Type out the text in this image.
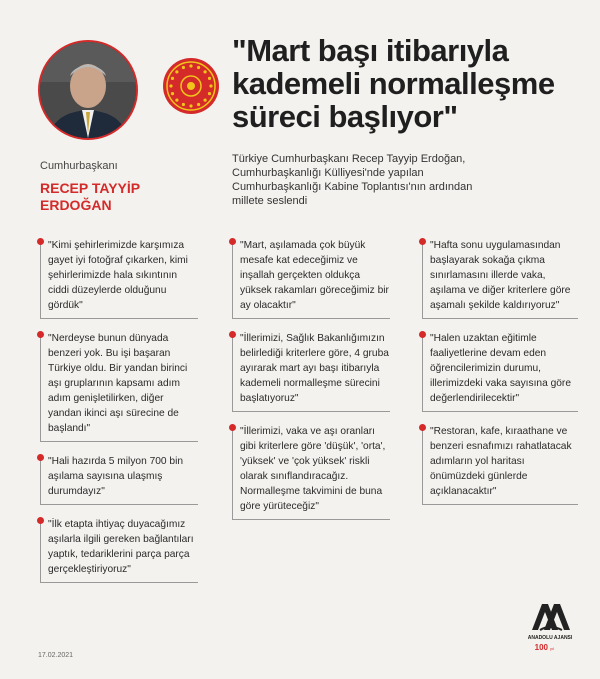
Cumhurbaşkanı
RECEP TAYYİP ERDOĞAN
"Mart başı itibarıyla kademeli normalleşme süreci başlıyor"
Türkiye Cumhurbaşkanı Recep Tayyip Erdoğan, Cumhurbaşkanlığı Külliyesi'nde yapılan Cumhurbaşkanlığı Kabine Toplantısı'nın ardından millete seslendi
"Kimi şehirlerimizde karşımıza gayet iyi fotoğraf çıkarken, kimi şehirlerimizde hala sıkıntının ciddi düzeylerde olduğunu gördük"
"Nerdeyse bunun dünyada benzeri yok. Bu işi başaran Türkiye oldu. Bir yandan birinci aşı gruplarının kapsamı adım adım genişletilirken, diğer yandan ikinci aşı sürecine de başlandı"
"Hali hazırda 5 milyon 700 bin aşılama sayısına ulaşmış durumdayız"
"İlk etapta ihtiyaç duyacağımız aşılarla ilgili gereken bağlantıları yaptık, tedariklerini parça parça gerçekleştiriyoruz"
"Mart, aşılamada çok büyük mesafe kat edeceğimiz ve inşallah gerçekten oldukça yüksek rakamları göreceğimiz bir ay olacaktır"
"İllerimizi, Sağlık Bakanlığımızın belirlediği kriterlere göre, 4 gruba ayırarak mart ayı başı itibarıyla kademeli normalleşme sürecini başlatıyoruz"
"İllerimizi, vaka ve aşı oranları gibi kriterlere göre 'düşük', 'orta', 'yüksek' ve 'çok yüksek' riskli olarak sınıflandıracağız. Normalleşme takvimini de buna göre yürüteceğiz"
"Hafta sonu uygulamasından başlayarak sokağa çıkma sınırlamasını illerde vaka, aşılama ve diğer kriterlere göre aşamalı şekilde kaldırıyoruz"
"Halen uzaktan eğitimle faaliyetlerine devam eden öğrencilerimizin durumu, illerimizdeki vaka sayısına göre değerlendirilecektir"
"Restoran, kafe, kıraathane ve benzeri esnafımızı rahatlatacak adımların yol haritası önümüzdeki günlerde açıklanacaktır"
17.02.2021
ANADOLU AJANSI
100 yıl
